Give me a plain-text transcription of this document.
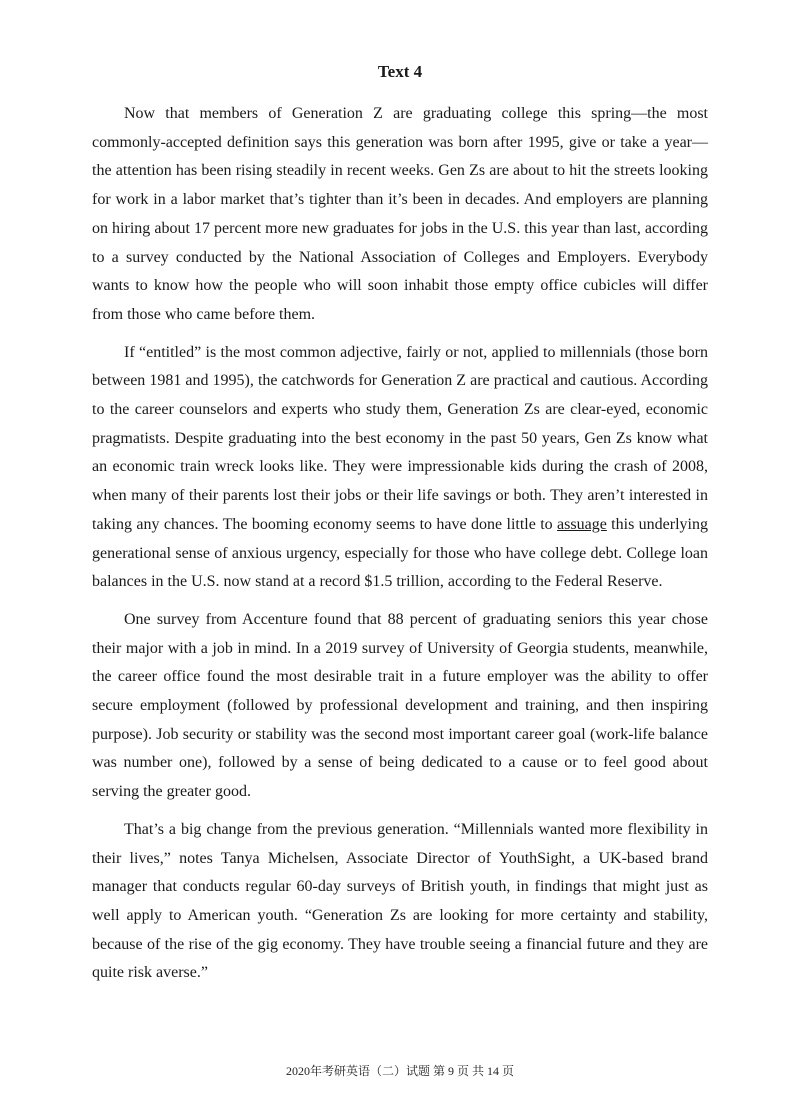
Text 4

Now that members of Generation Z are graduating college this spring—the most commonly-accepted definition says this generation was born after 1995, give or take a year—the attention has been rising steadily in recent weeks. Gen Zs are about to hit the streets looking for work in a labor market that’s tighter than it’s been in decades. And employers are planning on hiring about 17 percent more new graduates for jobs in the U.S. this year than last, according to a survey conducted by the National Association of Colleges and Employers. Everybody wants to know how the people who will soon inhabit those empty office cubicles will differ from those who came before them.

If “entitled” is the most common adjective, fairly or not, applied to millennials (those born between 1981 and 1995), the catchwords for Generation Z are practical and cautious. According to the career counselors and experts who study them, Generation Zs are clear-eyed, economic pragmatists. Despite graduating into the best economy in the past 50 years, Gen Zs know what an economic train wreck looks like. They were impressionable kids during the crash of 2008, when many of their parents lost their jobs or their life savings or both. They aren’t interested in taking any chances. The booming economy seems to have done little to assuage this underlying generational sense of anxious urgency, especially for those who have college debt. College loan balances in the U.S. now stand at a record $1.5 trillion, according to the Federal Reserve.

One survey from Accenture found that 88 percent of graduating seniors this year chose their major with a job in mind. In a 2019 survey of University of Georgia students, meanwhile, the career office found the most desirable trait in a future employer was the ability to offer secure employment (followed by professional development and training, and then inspiring purpose). Job security or stability was the second most important career goal (work-life balance was number one), followed by a sense of being dedicated to a cause or to feel good about serving the greater good.

That’s a big change from the previous generation. “Millennials wanted more flexibility in their lives,” notes Tanya Michelsen, Associate Director of YouthSight, a UK-based brand manager that conducts regular 60-day surveys of British youth, in findings that might just as well apply to American youth. “Generation Zs are looking for more certainty and stability, because of the rise of the gig economy. They have trouble seeing a financial future and they are quite risk averse.”

2020年考研英语（二）试题 第 9 页 共 14 页
